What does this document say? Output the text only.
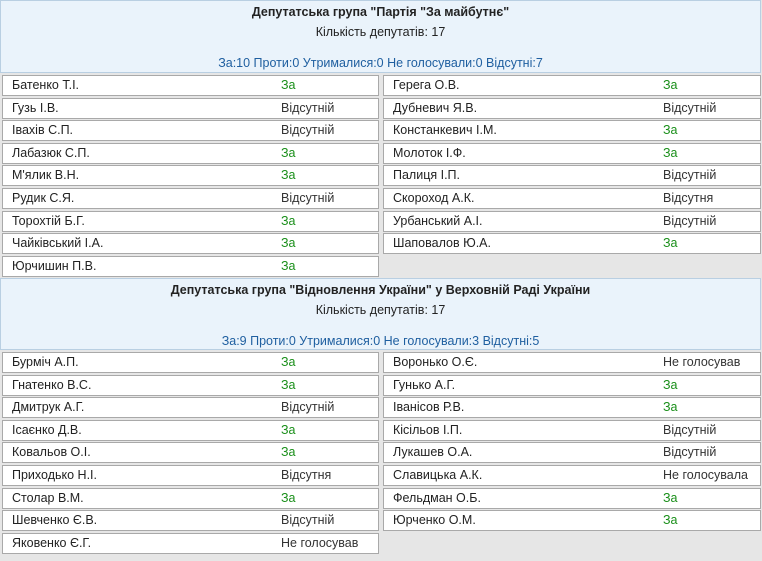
Депутатська група "Партія "За майбутнє"
Кількість депутатів: 17
За:10 Проти:0 Утрималися:0 Не голосували:0 Відсутні:7
Батенко Т.І.	За
Гузь І.В.	Відсутній
Івахів С.П.	Відсутній
Лабазюк С.П.	За
М'ялик В.Н.	За
Рудик С.Я.	Відсутній
Торохтій Б.Г.	За
Чайківський І.А.	За
Юрчишин П.В.	За
Герега О.В.	За
Дубневич Я.В.	Відсутній
Констанкевич І.М.	За
Молоток І.Ф.	За
Палиця І.П.	Відсутній
Скороход А.К.	Відсутня
Урбанський А.І.	Відсутній
Шаповалов Ю.А.	За
Депутатська група "Відновлення України" у Верховній Раді України
Кількість депутатів: 17
За:9 Проти:0 Утрималися:0 Не голосували:3 Відсутні:5
Бурміч А.П.	За
Гнатенко В.С.	За
Дмитрук А.Г.	Відсутній
Ісаєнко Д.В.	За
Ковальов О.І.	За
Приходько Н.І.	Відсутня
Столар В.М.	За
Шевченко Є.В.	Відсутній
Яковенко Є.Г.	Не голосував
Воронько О.Є.	Не голосував
Гунько А.Г.	За
Іванісов Р.В.	За
Кісільов І.П.	Відсутній
Лукашев О.А.	Відсутній
Славицька А.К.	Не голосувала
Фельдман О.Б.	За
Юрченко О.М.	За
